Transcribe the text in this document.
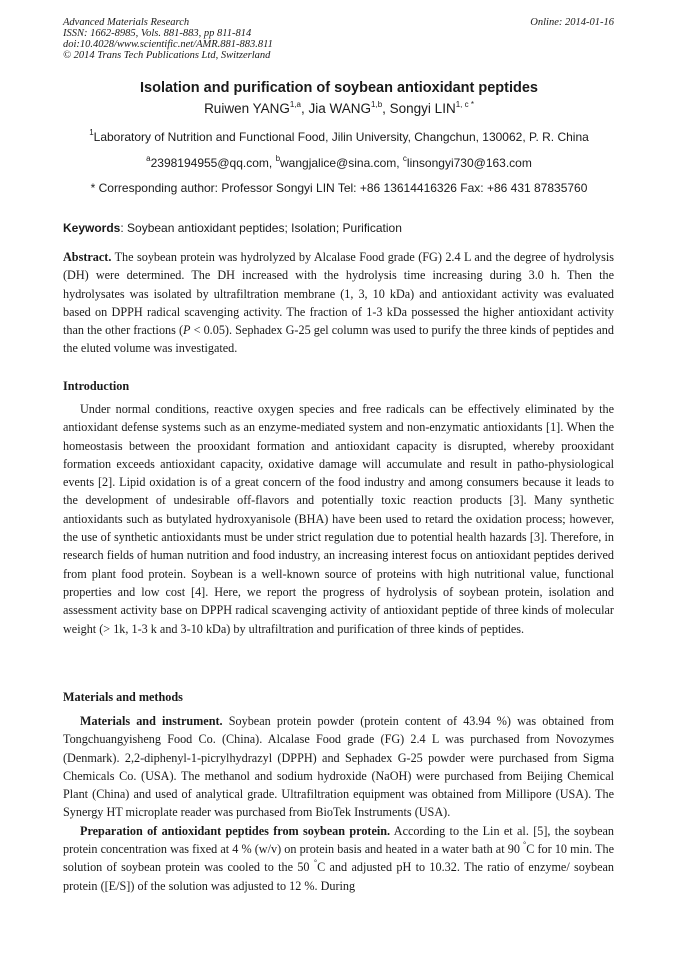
Advanced Materials Research
ISSN: 1662-8985, Vols. 881-883, pp 811-814
doi:10.4028/www.scientific.net/AMR.881-883.811
© 2014 Trans Tech Publications Ltd, Switzerland
Online: 2014-01-16
Isolation and purification of soybean antioxidant peptides
Ruiwen YANG$^{1,a}$, Jia WANG$^{1,b}$, Songyi $LIN^{1, c *}$
$^1$Laboratory of Nutrition and Functional Food, Jilin University, Changchun, 130062, P. R. China
$^a$2398194955@qq.com, $^b$wangjalice@sina.com, $^c$linsongyi730@163.com
* Corresponding author: Professor Songyi LIN Tel: +86 13614416326 Fax: +86 431 87835760
Keywords: Soybean antioxidant peptides; Isolation; Purification

Abstract. The soybean protein was hydrolyzed by Alcalase Food grade (FG) 2.4 L and the degree of hydrolysis (DH) were determined. The DH increased with the hydrolysis time increasing during 3.0 h. Then the hydrolysates was isolated by ultrafiltration membrane (1, 3, 10 kDa) and antioxidant activity was evaluated based on DPPH radical scavenging activity. The fraction of 1-3 kDa possessed the higher antioxidant activity than the other fractions (P < 0.05). Sephadex G-25 gel column was used to purify the three kinds of peptides and the eluted volume was investigated.

Introduction

Under normal conditions, reactive oxygen species and free radicals can be effectively eliminated by the antioxidant defense systems such as an enzyme-mediated system and non-enzymatic antioxidants [1]. When the homeostasis between the prooxidant formation and antioxidant capacity is disrupted, whereby prooxidant formation exceeds antioxidant capacity, oxidative damage will accumulate and result in patho-physiological events [2]. Lipid oxidation is of a great concern of the food industry and among consumers because it leads to the development of undesirable off-flavors and potentially toxic reaction products [3]. Many synthetic antioxidants such as butylated hydroxyanisole (BHA) have been used to retard the oxidation process; however, the use of synthetic antioxidants must be under strict regulation due to potential health hazards [3]. Therefore, in research fields of human nutrition and food industry, an increasing interest focus on antioxidant peptides derived from plant food protein. Soybean is a well-known source of proteins with high nutritional value, functional properties and low cost [4]. Here, we report the progress of hydrolysis of soybean protein, isolation and assessment activity base on DPPH radical scavenging activity of antioxidant peptide of three kinds of molecular weight (> 1k, 1-3 k and 3-10 kDa) by ultrafiltration and purification of three kinds of peptides.

Materials and methods

Materials and instrument. Soybean protein powder (protein content of 43.94 %) was obtained from Tongchuangyisheng Food Co. (China). Alcalase Food grade (FG) 2.4 L was purchased from Novozymes (Denmark). 2,2-diphenyl-1-picrylhydrazyl (DPPH) and Sephadex G-25 powder were purchased from Sigma Chemicals Co. (USA). The methanol and sodium hydroxide (NaOH) were purchased from Beijing Chemical Plant (China) and used of analytical grade. Ultrafiltration equipment was obtained from Millipore (USA). The Synergy HT microplate reader was purchased from BioTek Instruments (USA).

Preparation of antioxidant peptides from soybean protein. According to the Lin et al. [5], the soybean protein concentration was fixed at 4 % (w/v) on protein basis and heated in a water bath at 90 °C for 10 min. The solution of soybean protein was cooled to the 50 °C and adjusted pH to 10.32. The ratio of enzyme/ soybean protein ([E/S]) of the solution was adjusted to 12 %. During
